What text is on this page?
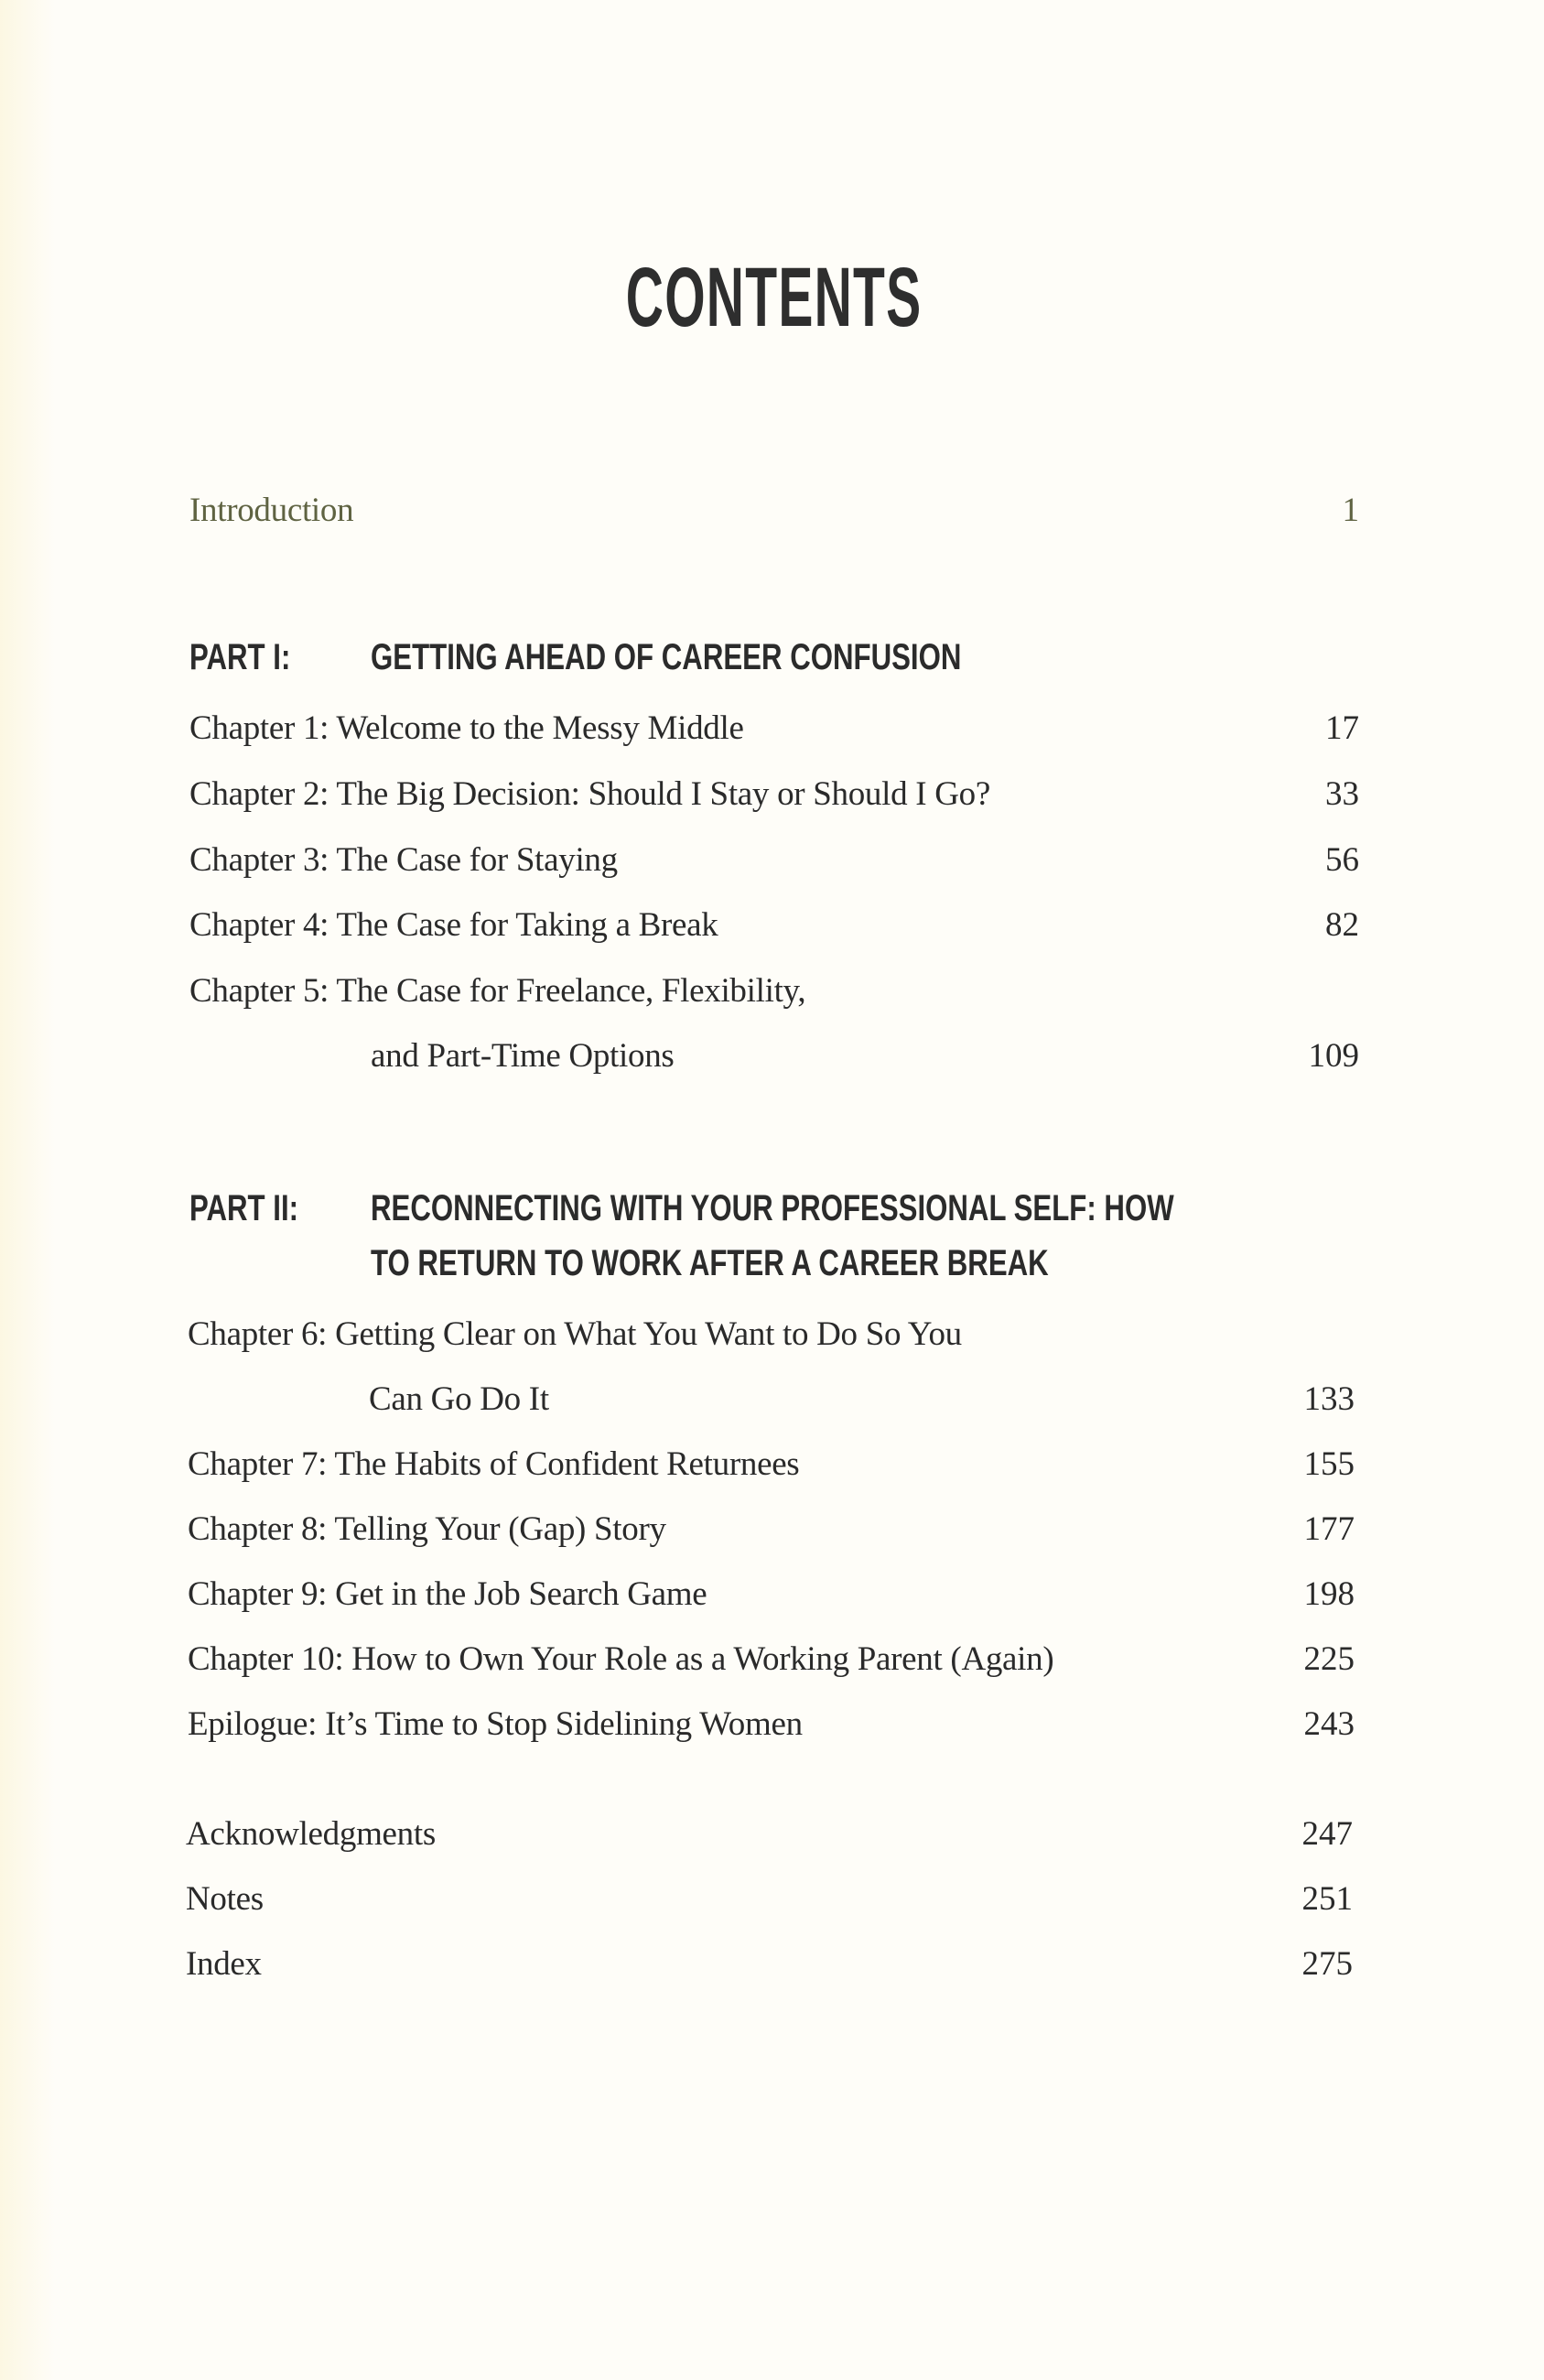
CONTENTS
Introduction	1
PART I: GETTING AHEAD OF CAREER CONFUSION
Chapter 1: Welcome to the Messy Middle	17
Chapter 2: The Big Decision: Should I Stay or Should I Go?	33
Chapter 3: The Case for Staying	56
Chapter 4: The Case for Taking a Break	82
Chapter 5: The Case for Freelance, Flexibility,
and Part-Time Options	109
PART II: RECONNECTING WITH YOUR PROFESSIONAL SELF: HOW
TO RETURN TO WORK AFTER A CAREER BREAK
Chapter 6: Getting Clear on What You Want to Do So You
Can Go Do It	133
Chapter 7: The Habits of Confident Returnees	155
Chapter 8: Telling Your (Gap) Story	177
Chapter 9: Get in the Job Search Game	198
Chapter 10: How to Own Your Role as a Working Parent (Again)	225
Epilogue: It’s Time to Stop Sidelining Women	243
Acknowledgments	247
Notes	251
Index	275
